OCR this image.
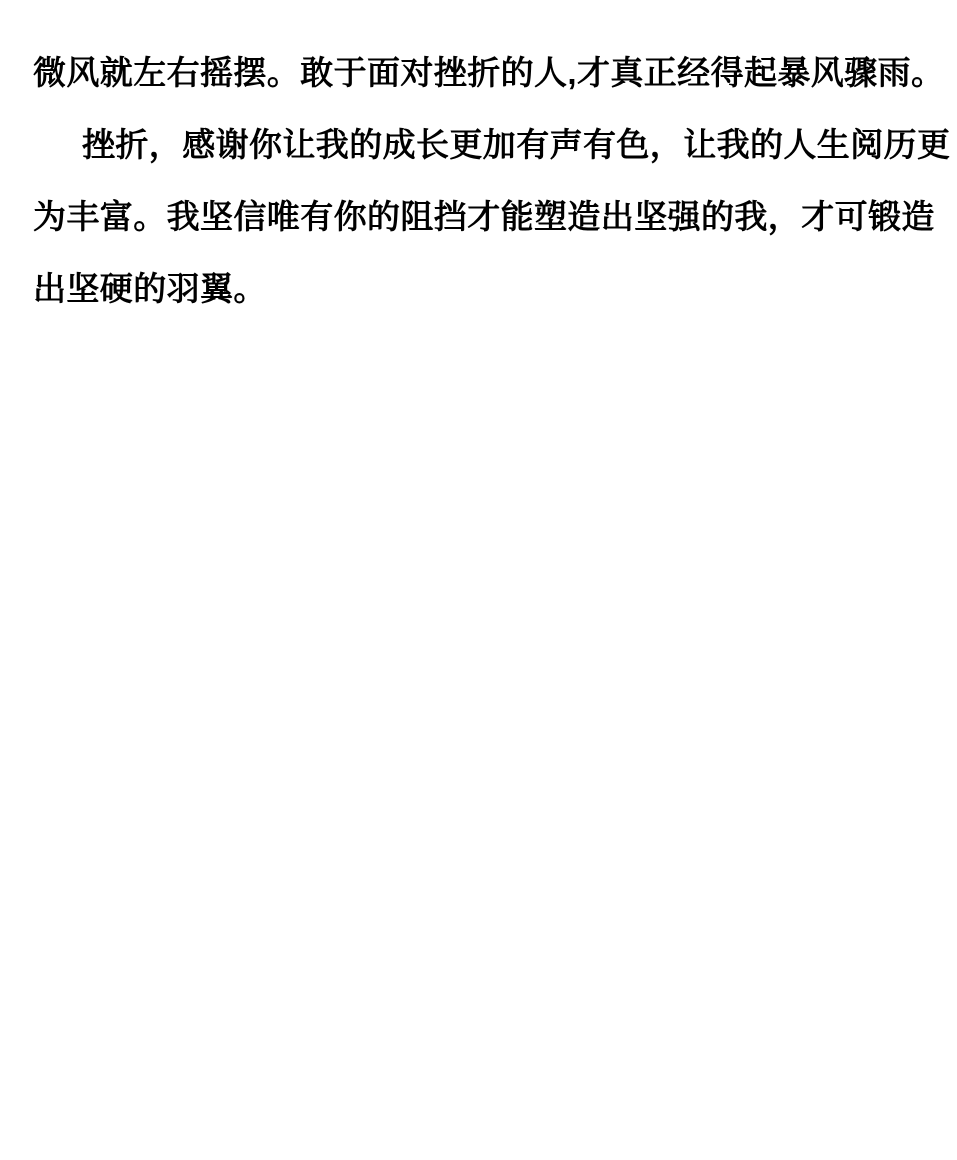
微风就左右摇摆。敢于面对挫折的人,才真正经得起暴风骤雨。

挫折，感谢你让我的成长更加有声有色，让我的人生阅历更
为丰富。我坚信唯有你的阻挡才能塑造出坚强的我，才可锻造
出坚硬的羽翼。
